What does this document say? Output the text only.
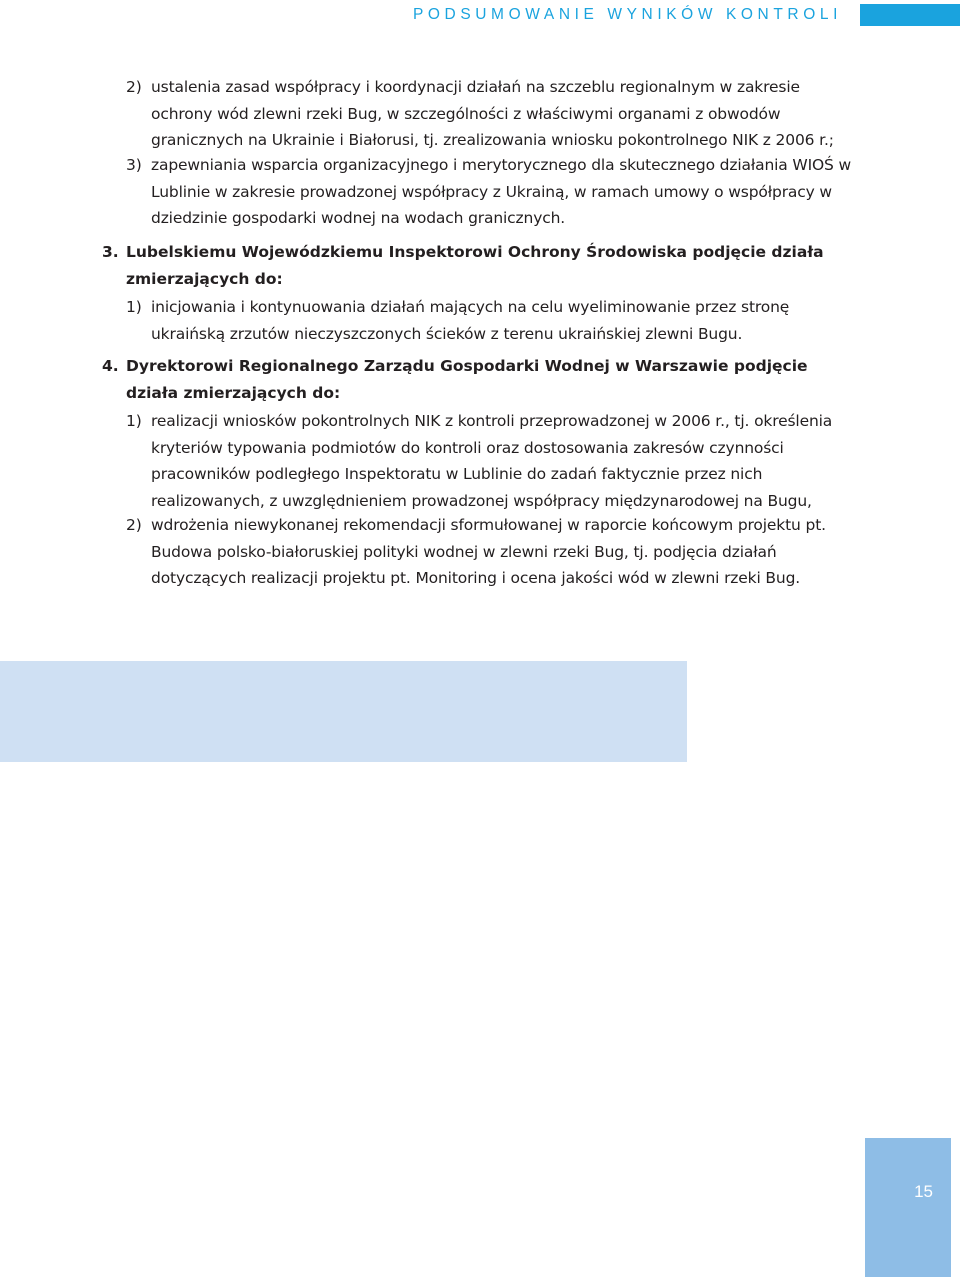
PODSUMOWANIE WYNIKÓW KONTROLI
2) ustalenia zasad współpracy i koordynacji działań na szczeblu regionalnym w zakresie ochrony wód zlewni rzeki Bug, w szczególności z właściwymi organami z obwodów granicznych na Ukrainie i Białorusi, tj. zrealizowania wniosku pokontrolnego NIK z 2006 r.;
3) zapewniania wsparcia organizacyjnego i merytorycznego dla skutecznego działania WIOŚ w Lublinie w zakresie prowadzonej współpracy z Ukrainą, w ramach umowy o współpracy w dziedzinie gospodarki wodnej na wodach granicznych.
3. Lubelskiemu Wojewódzkiemu Inspektorowi Ochrony Środowiska podjęcie działa zmierzających do:
1) inicjowania i kontynuowania działań mających na celu wyeliminowanie przez stronę ukraińską zrzutów nieczyszczonych ścieków z terenu ukraińskiej zlewni Bugu.
4. Dyrektorowi Regionalnego Zarządu Gospodarki Wodnej w Warszawie podjęcie działa zmierzających do:
1) realizacji wniosków pokontrolnych NIK z kontroli przeprowadzonej w 2006 r., tj. określenia kryteriów typowania podmiotów do kontroli oraz dostosowania zakresów czynności pracowników podległego Inspektoratu w Lublinie do zadań faktycznie przez nich realizowanych, z uwzględnieniem prowadzonej współpracy międzynarodowej na Bugu,
2) wdrożenia niewykonanej rekomendacji sformułowanej w raporcie końcowym projektu pt. Budowa polsko-białoruskiej polityki wodnej w zlewni rzeki Bug, tj. podjęcia działań dotyczących realizacji projektu pt. Monitoring i ocena jakości wód w zlewni rzeki Bug.
15
